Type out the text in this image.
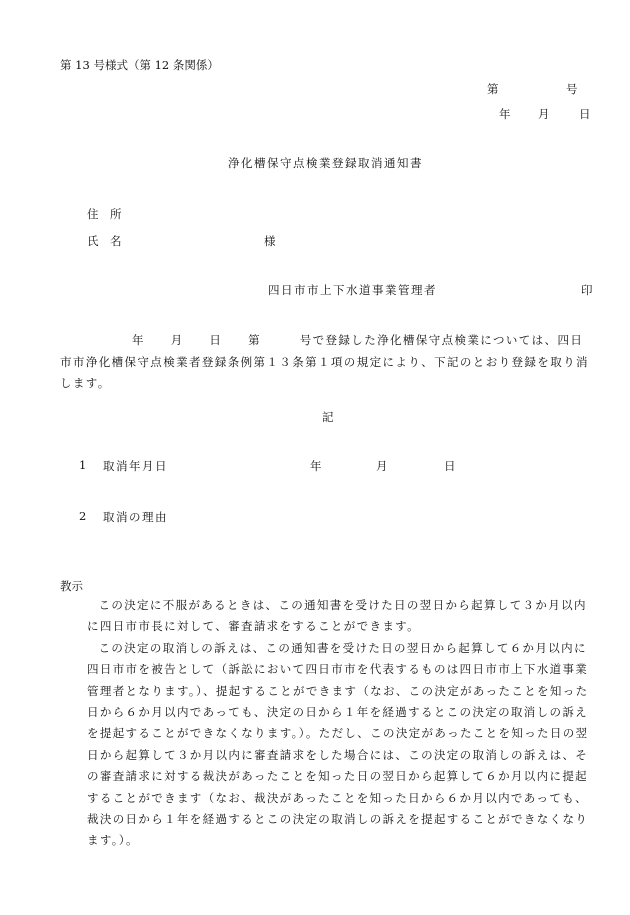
第 13 号様式（第 12 条関係）
第	号
年 月	日
浄化槽保守点検業登録取消通知書
住　所
氏　名	様
四日市市上下水道事業管理者	印

年　　月　　日　　第　　　号で登録した浄化槽保守点検業については、四日市市浄化槽保守点検業者登録条例第１３条第１項の規定により、下記のとおり登録を取り消します。

記
1 取消年月日	年	月	日
2 取消の理由
教示

この決定に不服があるときは、この通知書を受けた日の翌日から起算して３か月以内に四日市市長に対して、審査請求をすることができます。

この決定の取消しの訴えは、この通知書を受けた日の翌日から起算して６か月以内に四日市市を被告として（訴訟において四日市市を代表するものは四日市市上下水道事業管理者となります。）、提起することができます（なお、この決定があったことを知った日から６か月以内であっても、決定の日から１年を経過するとこの決定の取消しの訴えを提起することができなくなります。）。ただし、この決定があったことを知った日の翌日から起算して３か月以内に審査請求をした場合には、この決定の取消しの訴えは、その審査請求に対する裁決があったことを知った日の翌日から起算して６か月以内に提起することができます（なお、裁決があったことを知った日から６か月以内であっても、裁決の日から１年を経過するとこの決定の取消しの訴えを提起することができなくなります。）。
